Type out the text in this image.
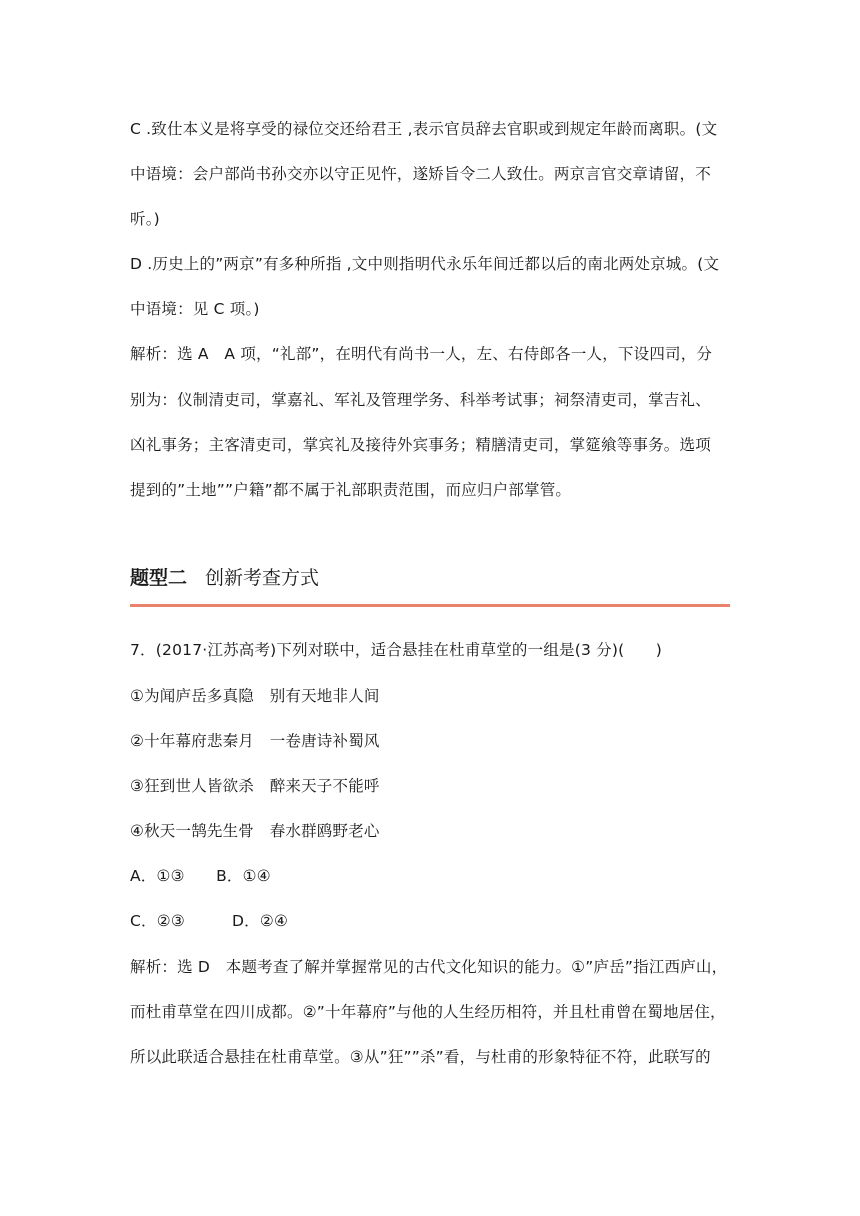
C .致仕本义是将享受的禄位交还给君王 ,表示官员辞去官职或到规定年龄而离职。(文
中语境：会户部尚书孙交亦以守正见忤，遂矫旨令二人致仕。两京言官交章请留，不
听。)
D .历史上的”两京”有多种所指 ,文中则指明代永乐年间迁都以后的南北两处京城。(文
中语境：见 C 项。)
解析：选 A　A 项，“礼部”，在明代有尚书一人，左、右侍郎各一人，下设四司，分
别为：仪制清吏司，掌嘉礼、军礼及管理学务、科举考试事；祠祭清吏司，掌吉礼、
凶礼事务；主客清吏司，掌宾礼及接待外宾事务；精膳清吏司，掌筵飨等事务。选项
提到的”土地””户籍”都不属于礼部职责范围，而应归户部掌管。
题型二 创新考查方式
7．(2017·江苏高考)下列对联中，适合悬挂在杜甫草堂的一组是(3 分)(　　)
①为闻庐岳多真隐　别有天地非人间
②十年幕府悲秦月　一卷唐诗补蜀风
③狂到世人皆欲杀　醉来天子不能呼
④秋天一鹄先生骨　春水群鸥野老心
A．①③　　B．①④
C．②③　　　D．②④
解析：选 D　本题考查了解并掌握常见的古代文化知识的能力。①”庐岳”指江西庐山，
而杜甫草堂在四川成都。②”十年幕府”与他的人生经历相符，并且杜甫曾在蜀地居住，
所以此联适合悬挂在杜甫草堂。③从”狂””杀”看，与杜甫的形象特征不符，此联写的
